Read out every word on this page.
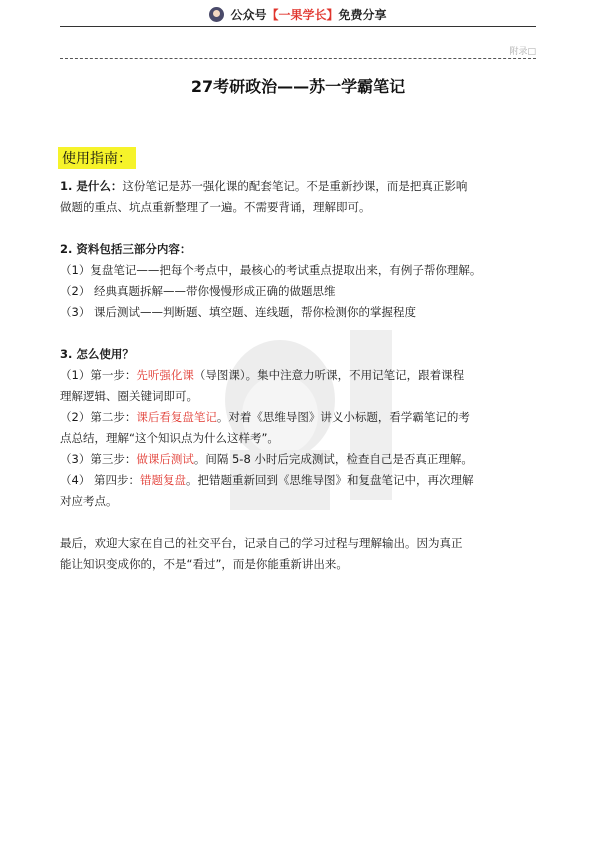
公众号 【一果学长】 免费分享
附录□
27考研政治——苏一学霸笔记
使用指南：

1. 是什么：这份笔记是苏一强化课的配套笔记。不是重新抄课，而是把真正影响

做题的重点、坑点重新整理了一遍。不需要背诵，理解即可。

2. 资料包括三部分内容：

（1）复盘笔记——把每个考点中，最核心的考试重点提取出来，有例子帮你理解。

（2） 经典真题拆解——带你慢慢形成正确的做题思维

（3） 课后测试——判断题、填空题、连线题，帮你检测你的掌握程度

3. 怎么使用？

（1）第一步：先听强化课（导图课）。集中注意力听课，不用记笔记，跟着课程

理解逻辑、圈关键词即可。

（2）第二步：课后看复盘笔记。对着《思维导图》讲义小标题，看学霸笔记的考

点总结，理解“这个知识点为什么这样考”。

（3）第三步：做课后测试。间隔 5-8 小时后完成测试，检查自己是否真正理解。

（4） 第四步：错题复盘。把错题重新回到《思维导图》和复盘笔记中，再次理解

对应考点。

最后，欢迎大家在自己的社交平台，记录自己的学习过程与理解输出。因为真正

能让知识变成你的，不是“看过”，而是你能重新讲出来。
